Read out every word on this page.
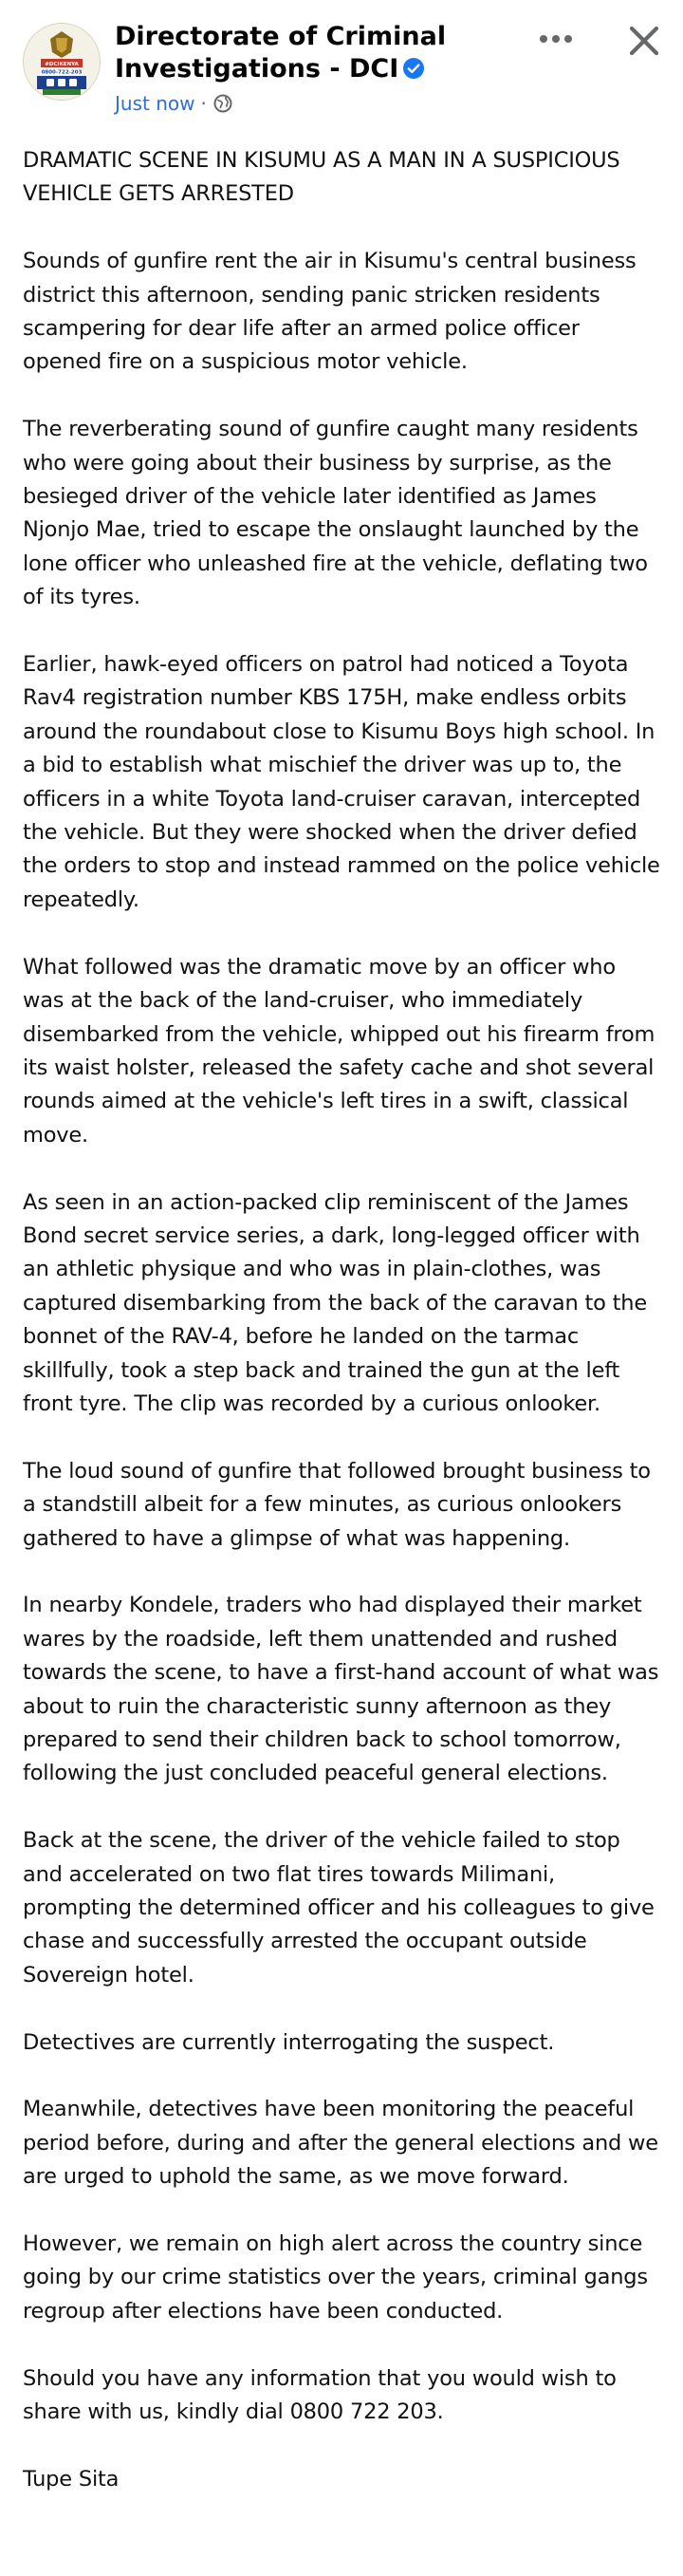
#DCIKENYA
0800-722-203
Directorate of Criminal Investigations - DCI
Just now ·

DRAMATIC SCENE IN KISUMU AS A MAN IN A SUSPICIOUS VEHICLE GETS ARRESTED

Sounds of gunfire rent the air in Kisumu's central business district this afternoon, sending panic stricken residents scampering for dear life after an armed police officer opened fire on a suspicious motor vehicle.

The reverberating sound of gunfire caught many residents who were going about their business by surprise, as the besieged driver of the vehicle later identified as James Njonjo Mae, tried to escape the onslaught launched by the lone officer who unleashed fire at the vehicle, deflating two of its tyres.

Earlier, hawk-eyed officers on patrol had noticed a Toyota Rav4 registration number KBS 175H, make endless orbits around the roundabout close to Kisumu Boys high school. In a bid to establish what mischief the driver was up to, the officers in a white Toyota land-cruiser caravan, intercepted the vehicle. But they were shocked when the driver defied the orders to stop and instead rammed on the police vehicle repeatedly.

What followed was the dramatic move by an officer who was at the back of the land-cruiser, who immediately disembarked from the vehicle, whipped out his firearm from its waist holster, released the safety cache and shot several rounds aimed at the vehicle's left tires in a swift, classical move.

As seen in an action-packed clip reminiscent of the James Bond secret service series, a dark, long-legged officer with an athletic physique and who was in plain-clothes, was captured disembarking from the back of the caravan to the bonnet of the RAV-4, before he landed on the tarmac skillfully, took a step back and trained the gun at the left front tyre. The clip was recorded by a curious onlooker.

The loud sound of gunfire that followed brought business to a standstill albeit for a few minutes, as curious onlookers gathered to have a glimpse of what was happening.

In nearby Kondele, traders who had displayed their market wares by the roadside, left them unattended and rushed towards the scene, to have a first-hand account of what was about to ruin the characteristic sunny afternoon as they prepared to send their children back to school tomorrow, following the just concluded peaceful general elections.

Back at the scene, the driver of the vehicle failed to stop and accelerated on two flat tires towards Milimani, prompting the determined officer and his colleagues to give chase and successfully arrested the occupant outside Sovereign hotel.

Detectives are currently interrogating the suspect.

Meanwhile, detectives have been monitoring the peaceful period before, during and after the general elections and we are urged to uphold the same, as we move forward.

However, we remain on high alert across the country since going by our crime statistics over the years, criminal gangs regroup after elections have been conducted.

Should you have any information that you would wish to share with us, kindly dial 0800 722 203.

Tupe Sita
